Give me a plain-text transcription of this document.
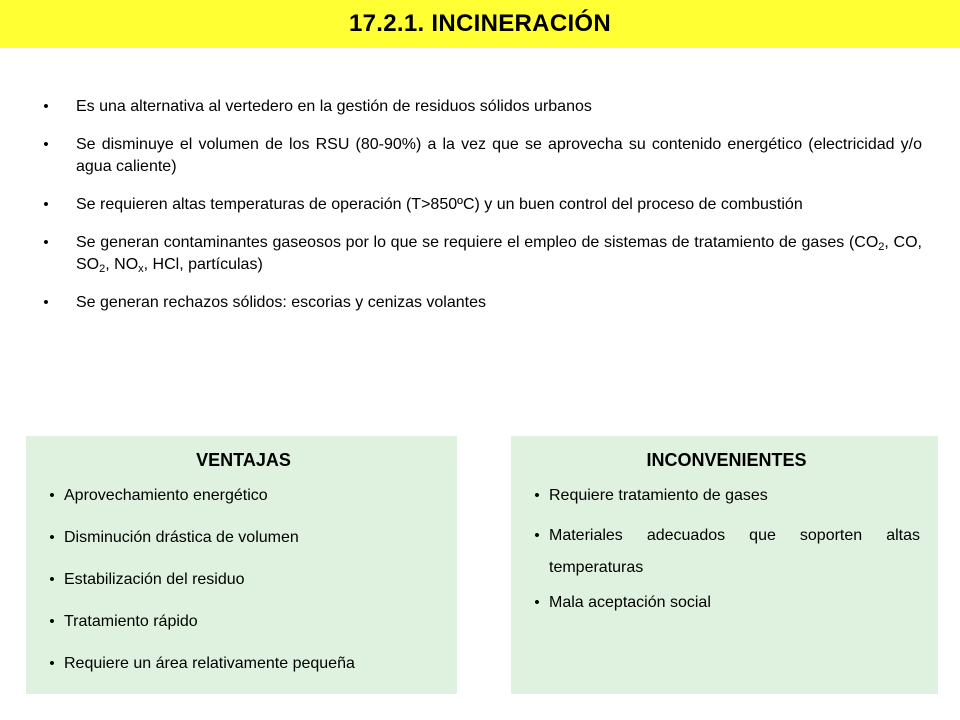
17.2.1. INCINERACIÓN
•	Es una alternativa al vertedero en la gestión de residuos sólidos urbanos
•	Se disminuye el volumen de los RSU (80-90%) a la vez que se aprovecha su contenido energético (electricidad y/o agua caliente)
•	Se requieren altas temperaturas de operación (T>850ºC) y un buen control del proceso de combustión
•	Se generan contaminantes gaseosos por lo que se requiere el empleo de sistemas de tratamiento de gases ($CO_2$, CO, $SO_2$, $NO_x$, HCl, partículas)
•	Se generan rechazos sólidos: escorias y cenizas volantes
VENTAJAS
• Aprovechamiento energético
• Disminución drástica de volumen
• Estabilización del residuo
• Tratamiento rápido
• Requiere un área relativamente pequeña
INCONVENIENTES
• Requiere tratamiento de gases
• Materiales adecuados que soporten altas temperaturas
• Mala aceptación social
